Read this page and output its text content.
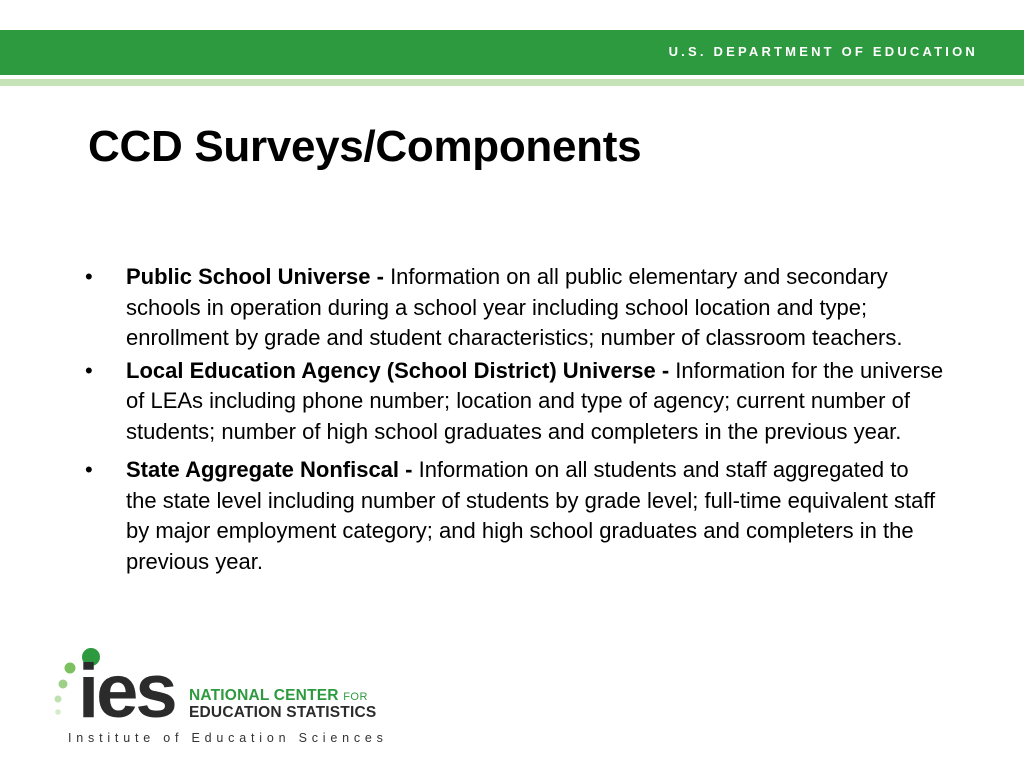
U.S. DEPARTMENT OF EDUCATION
CCD Surveys/Components
• Public School Universe - Information on all public elementary and secondary schools in operation during a school year including school location and type; enrollment by grade and student characteristics; number of classroom teachers.
• Local Education Agency (School District) Universe - Information for the universe of LEAs including phone number; location and type of agency; current number of students; number of high school graduates and completers in the previous year.
• State Aggregate Nonfiscal - Information on all students and staff aggregated to the state level including number of students by grade level; full-time equivalent staff by major employment category; and high school graduates and completers in the previous year.
ies NATIONAL CENTER FOR
EDUCATION STATISTICS
Institute of Education Sciences
